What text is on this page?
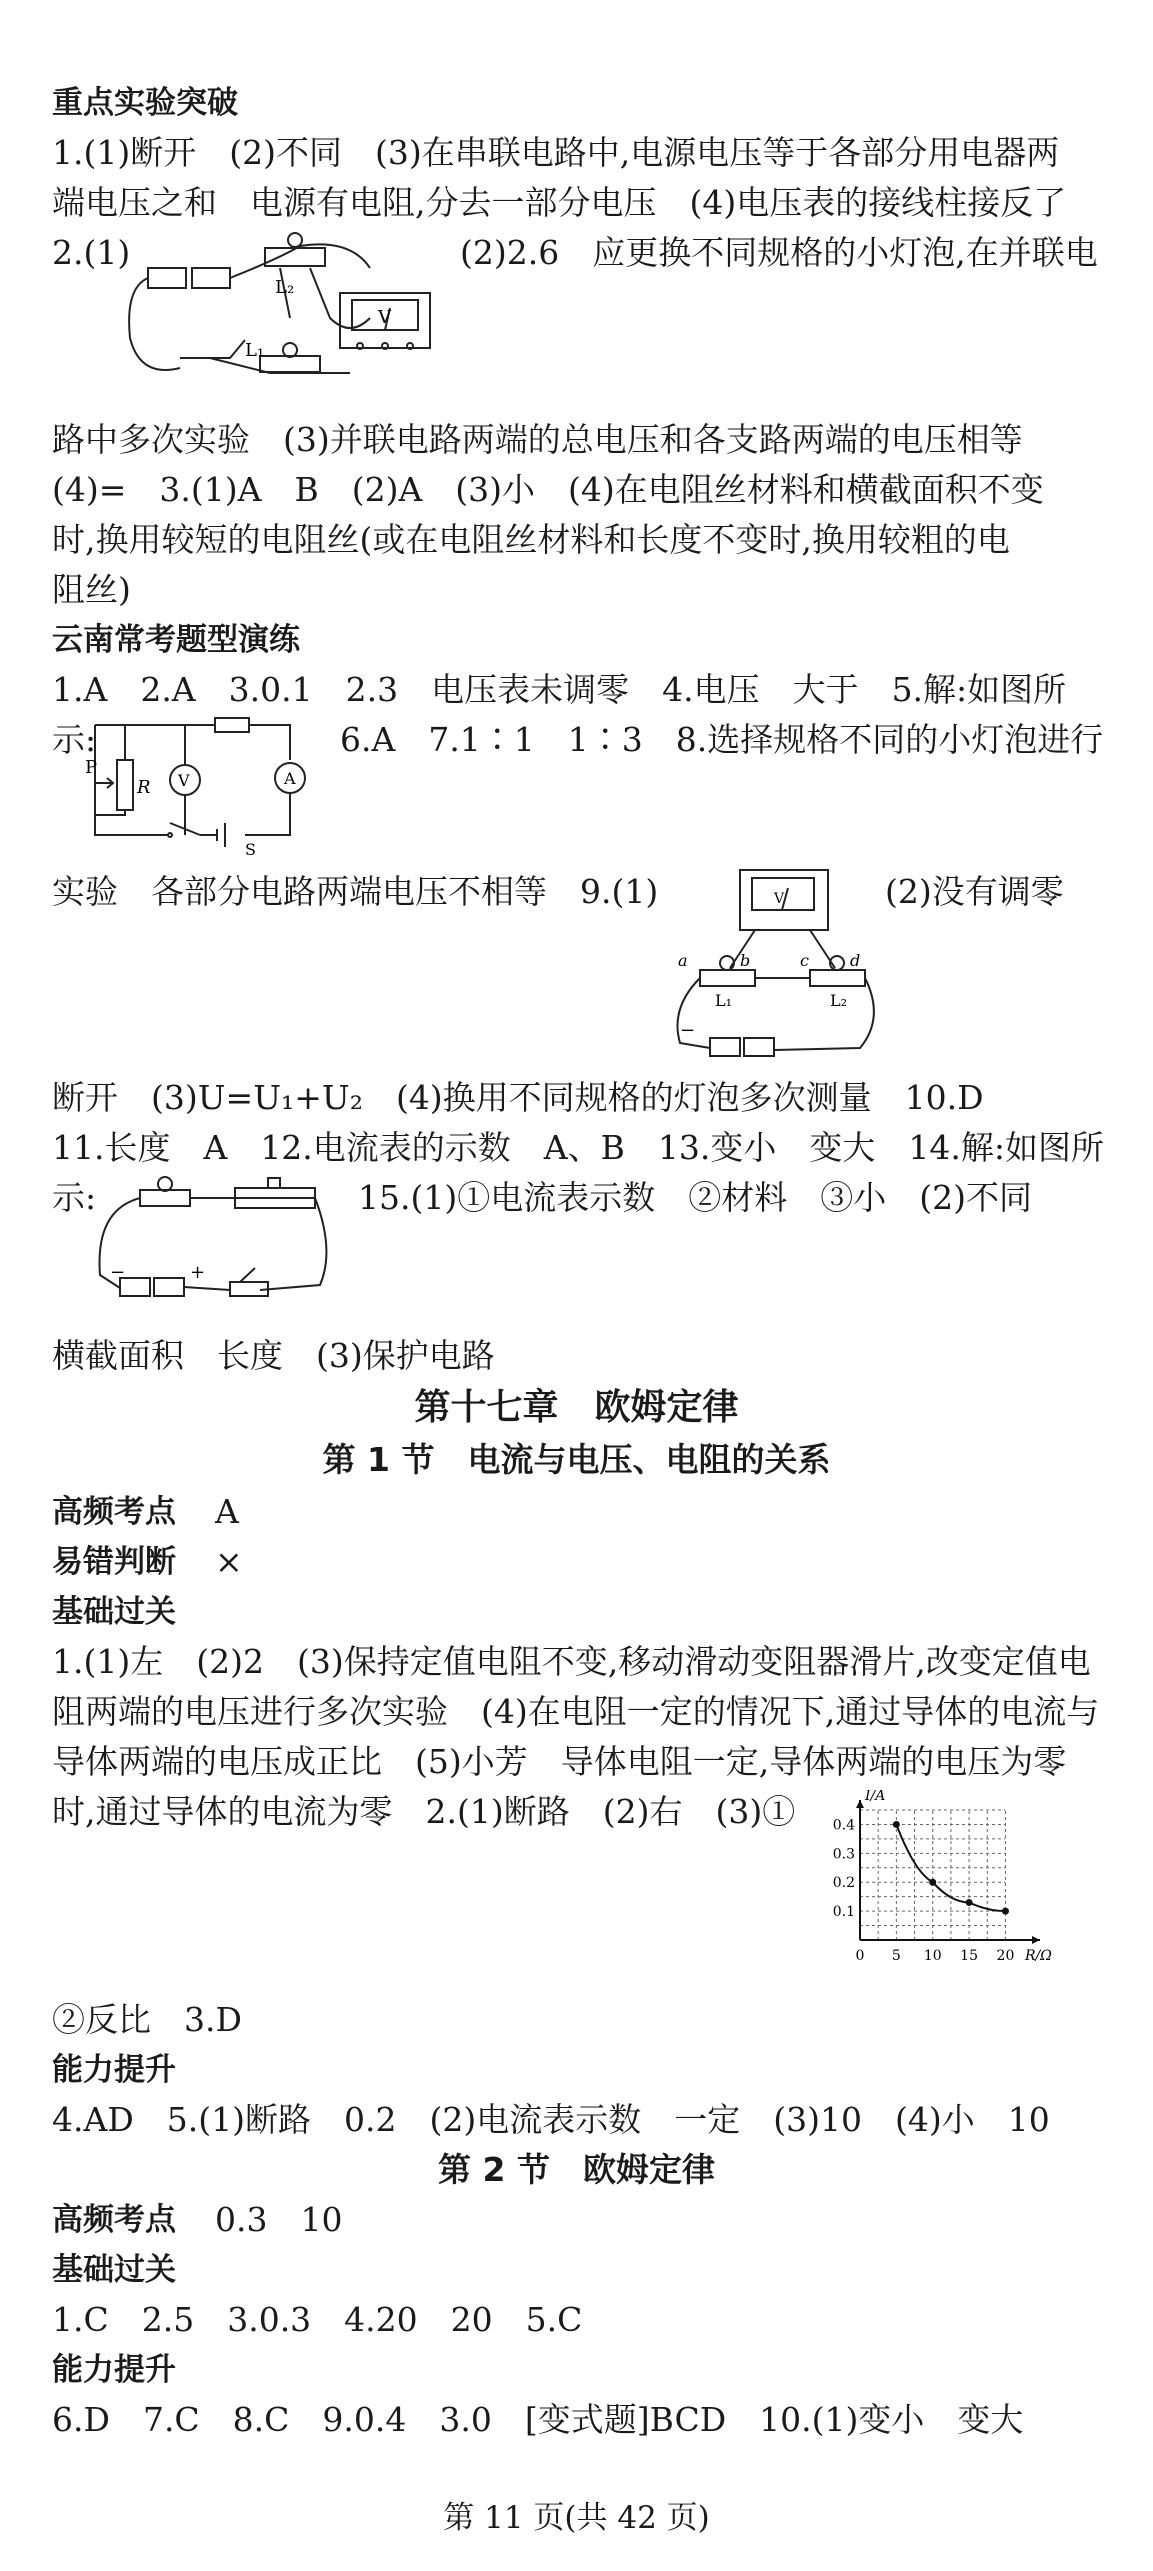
重点实验突破
1.(1)断开　(2)不同　(3)在串联电路中,电源电压等于各部分用电器两
端电压之和　电源有电阻,分去一部分电压　(4)电压表的接线柱接反了
2.(1)	(2)2.6　应更换不同规格的小灯泡,在并联电
L₂
L₁
V
路中多次实验　(3)并联电路两端的总电压和各支路两端的电压相等
(4)=　3.(1)A　B　(2)A　(3)小　(4)在电阻丝材料和横截面积不变
时,换用较短的电阻丝(或在电阻丝材料和长度不变时,换用较粗的电
阻丝)
云南常考题型演练
1.A　2.A　3.0.1　2.3　电压表未调零　4.电压　大于　5.解:如图所
示:	6.A　7.1∶1　1∶3　8.选择规格不同的小灯泡进行
P
R V	A
S
实验　各部分电路两端电压不相等　9.(1)	(2)没有调零
a	b	c	d
L₁	L₂
V
−
断开　(3)U=U₁+U₂　(4)换用不同规格的灯泡多次测量　10.D
11.长度　A　12.电流表的示数　A、B　13.变小　变大　14.解:如图所
示:	15.(1)①电流表示数　②材料　③小　(2)不同
−	+
横截面积　长度　(3)保护电路
第十七章　欧姆定律
第 1 节　电流与电压、电阻的关系
高频考点 A
易错判断 ×
基础过关
1.(1)左　(2)2　(3)保持定值电阻不变,移动滑动变阻器滑片,改变定值电
阻两端的电压进行多次实验　(4)在电阻一定的情况下,通过导体的电流与
导体两端的电压成正比　(5)小芳　导体电阻一定,导体两端的电压为零
时,通过导体的电流为零　2.(1)断路　(2)右　(3)①
0 5 10 15 20
0.1
0.2
0.3
0.4
R/Ω
I/A
②反比　3.D
能力提升
4.AD　5.(1)断路　0.2　(2)电流表示数　一定　(3)10　(4)小　10
第 2 节　欧姆定律
高频考点 0.3　10
基础过关
1.C　2.5　3.0.3　4.20　20　5.C
能力提升
6.D　7.C　8.C　9.0.4　3.0　[变式题]BCD　10.(1)变小　变大
第 11 页(共 42 页)
